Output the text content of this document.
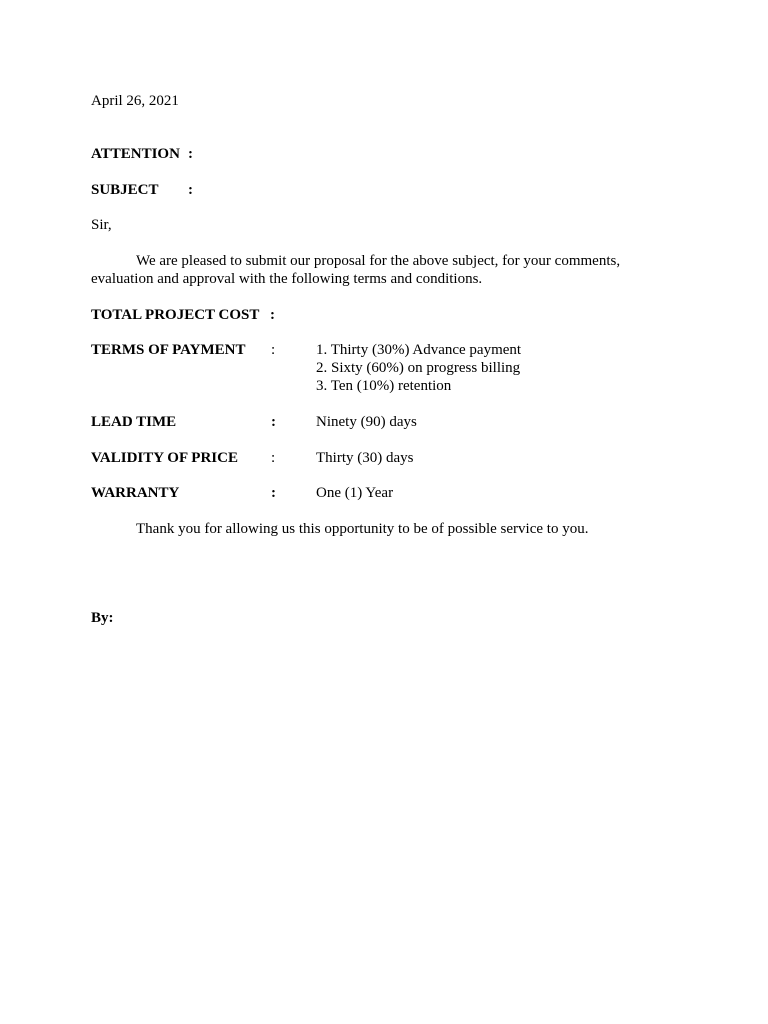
April 26, 2021
ATTENTION :
SUBJECT :
Sir,
We are pleased to submit our proposal for the above subject, for your comments,
evaluation and approval with the following terms and conditions.
TOTAL PROJECT COST :
TERMS OF PAYMENT :	1. Thirty (30%) Advance payment
2. Sixty (60%) on progress billing
3. Ten (10%) retention
LEAD TIME	:	Ninety (90) days
VALIDITY OF PRICE :	Thirty (30) days
WARRANTY	:	One (1) Year
Thank you for allowing us this opportunity to be of possible service to you.
By:
